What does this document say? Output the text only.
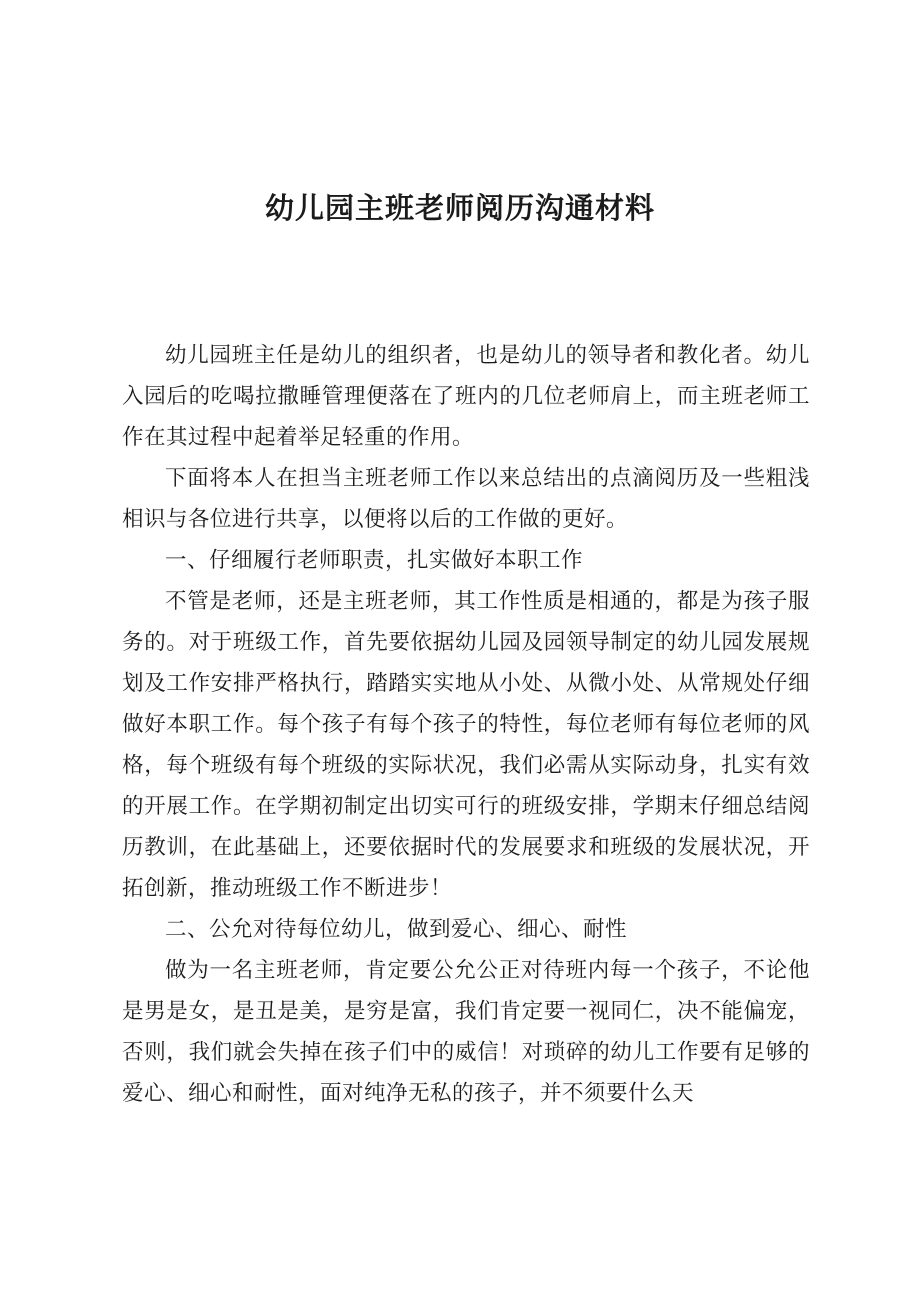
幼儿园主班老师阅历沟通材料

幼儿园班主任是幼儿的组织者，也是幼儿的领导者和教化者。幼儿入园后的吃喝拉撒睡管理便落在了班内的几位老师肩上，而主班老师工作在其过程中起着举足轻重的作用。

下面将本人在担当主班老师工作以来总结出的点滴阅历及一些粗浅相识与各位进行共享，以便将以后的工作做的更好。

一、仔细履行老师职责，扎实做好本职工作

不管是老师，还是主班老师，其工作性质是相通的，都是为孩子服务的。对于班级工作，首先要依据幼儿园及园领导制定的幼儿园发展规划及工作安排严格执行，踏踏实实地从小处、从微小处、从常规处仔细做好本职工作。每个孩子有每个孩子的特性，每位老师有每位老师的风格，每个班级有每个班级的实际状况，我们必需从实际动身，扎实有效的开展工作。在学期初制定出切实可行的班级安排，学期末仔细总结阅历教训，在此基础上，还要依据时代的发展要求和班级的发展状况，开拓创新，推动班级工作不断进步！

二、公允对待每位幼儿，做到爱心、细心、耐性

做为一名主班老师，肯定要公允公正对待班内每一个孩子，不论他是男是女，是丑是美，是穷是富，我们肯定要一视同仁，决不能偏宠，否则，我们就会失掉在孩子们中的威信！对琐碎的幼儿工作要有足够的爱心、细心和耐性，面对纯净无私的孩子，并不须要什么天
